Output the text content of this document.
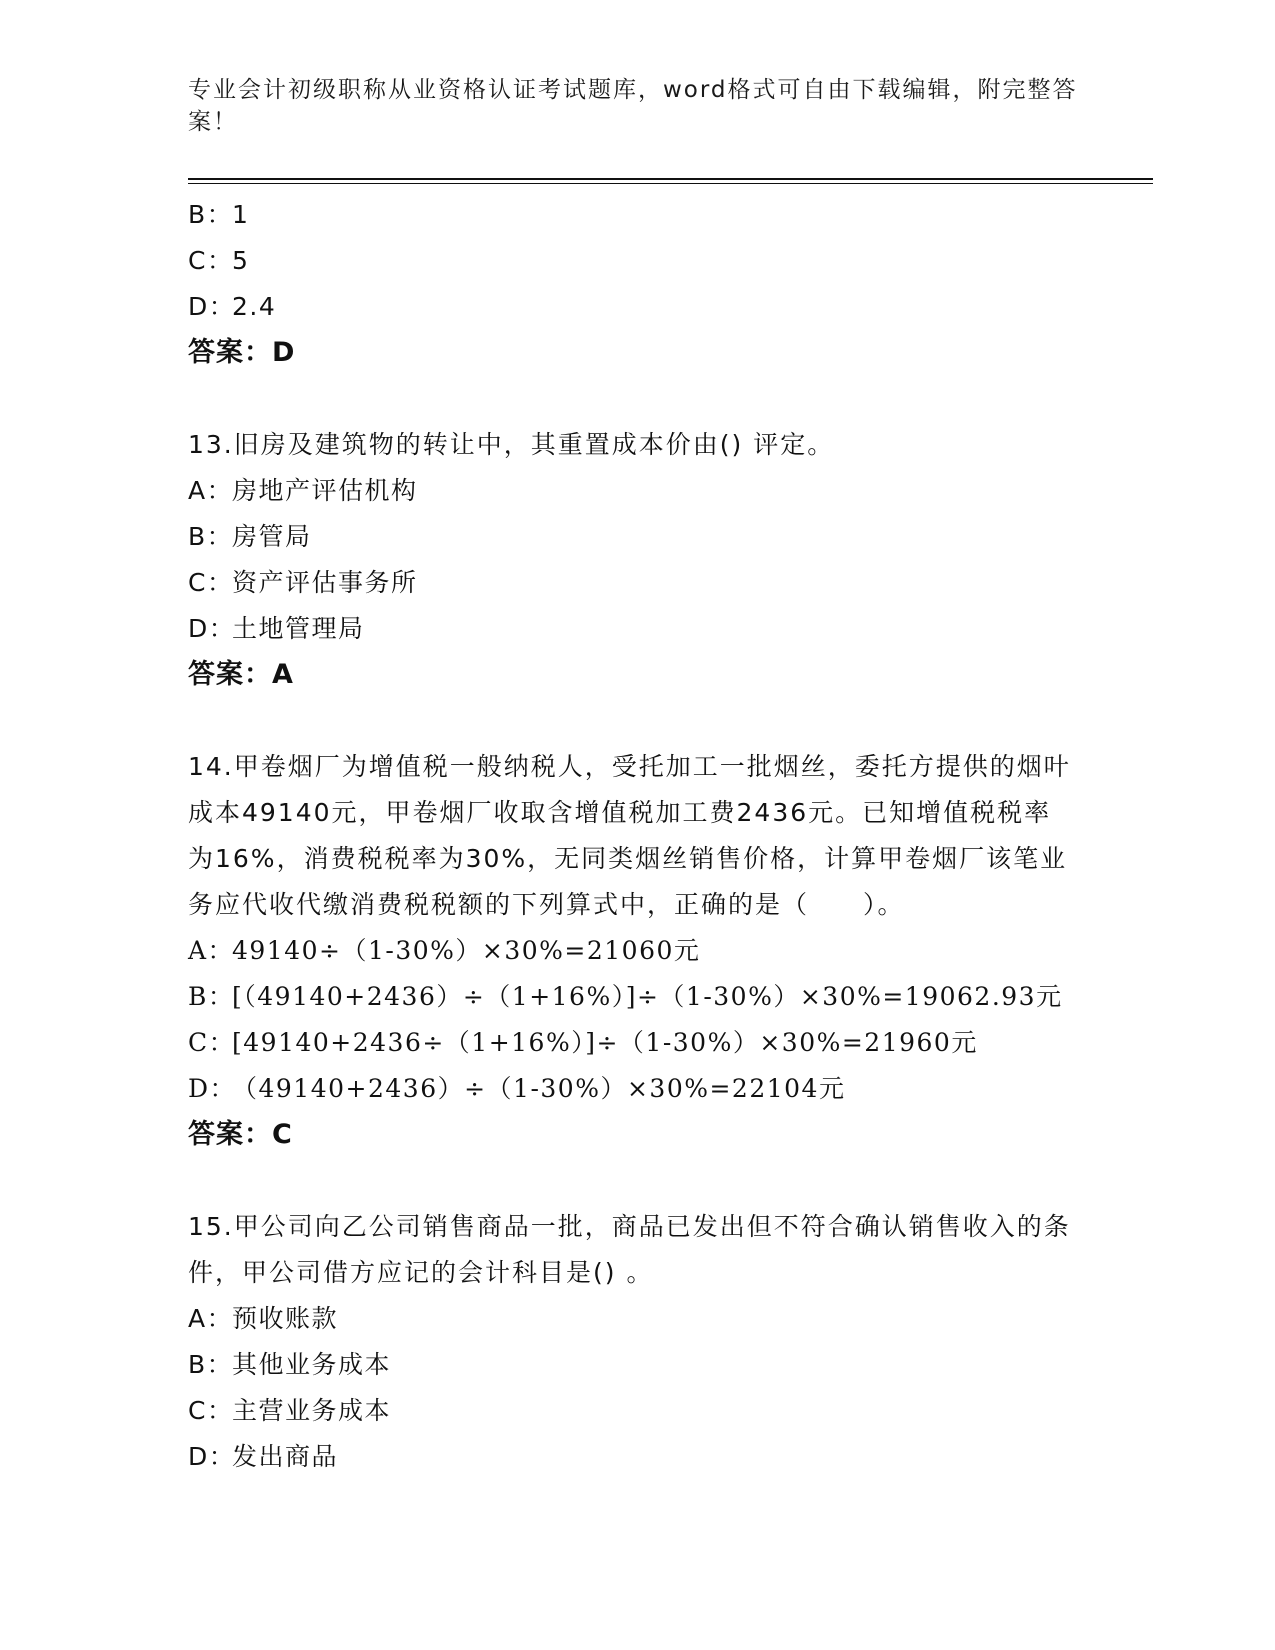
专业会计初级职称从业资格认证考试题库，word格式可自由下载编辑，附完整答案！
B：1
C：5
D：2.4
答案：D
13.旧房及建筑物的转让中，其重置成本价由() 评定。
A：房地产评估机构
B：房管局
C：资产评估事务所
D：土地管理局
答案：A
14.甲卷烟厂为增值税一般纳税人，受托加工一批烟丝，委托方提供的烟叶成本49140元，甲卷烟厂收取含增值税加工费2436元。已知增值税税率为16%，消费税税率为30%，无同类烟丝销售价格，计算甲卷烟厂该笔业务应代收代缴消费税税额的下列算式中，正确的是（　　）。
A：49140÷（1-30%）×30%=21060元
B：[（49140+2436）÷（1+16%）]÷（1-30%）×30%=19062.93元
C：[49140+2436÷（1+16%）]÷（1-30%）×30%=21960元
D：（49140+2436）÷（1-30%）×30%=22104元
答案：C
15.甲公司向乙公司销售商品一批，商品已发出但不符合确认销售收入的条件，甲公司借方应记的会计科目是() 。
A：预收账款
B：其他业务成本
C：主营业务成本
D：发出商品
